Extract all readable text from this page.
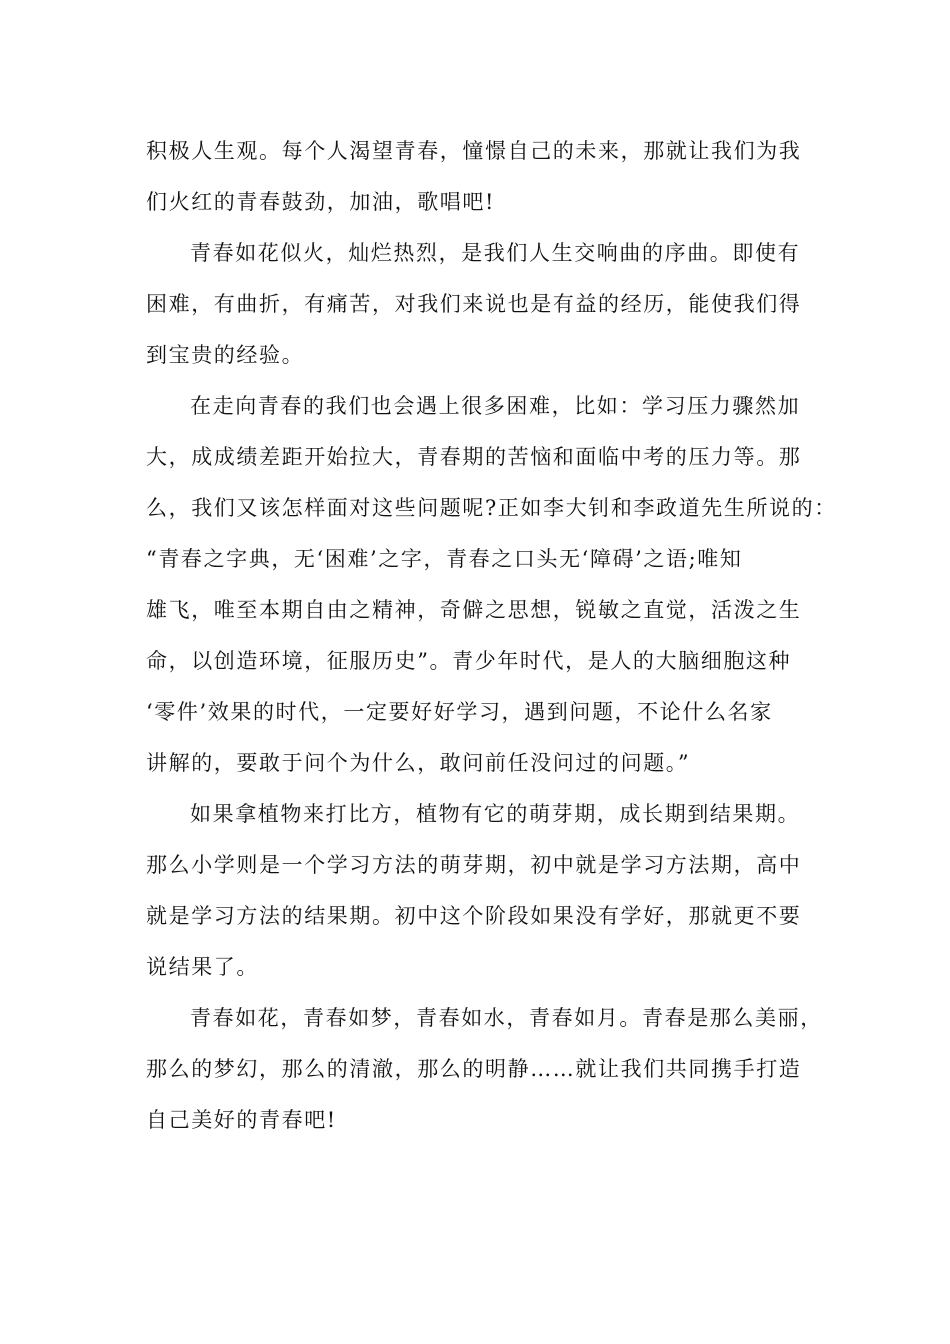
积极人生观。每个人渴望青春，憧憬自己的未来，那就让我们为我
们火红的青春鼓劲，加油，歌唱吧!
青春如花似火，灿烂热烈，是我们人生交响曲的序曲。即使有
困难，有曲折，有痛苦，对我们来说也是有益的经历，能使我们得
到宝贵的经验。
在走向青春的我们也会遇上很多困难，比如：学习压力骤然加
大，成成绩差距开始拉大，青春期的苦恼和面临中考的压力等。那
么，我们又该怎样面对这些问题呢?正如李大钊和李政道先生所说的：
“青春之字典，无‘困难’之字，青春之口头无‘障碍’之语;唯知
雄飞，唯至本期自由之精神，奇僻之思想，锐敏之直觉，活泼之生
命，以创造环境，征服历史”。青少年时代，是人的大脑细胞这种
‘零件’效果的时代，一定要好好学习，遇到问题，不论什么名家
讲解的，要敢于问个为什么，敢问前任没问过的问题。”
如果拿植物来打比方，植物有它的萌芽期，成长期到结果期。
那么小学则是一个学习方法的萌芽期，初中就是学习方法期，高中
就是学习方法的结果期。初中这个阶段如果没有学好，那就更不要
说结果了。
青春如花，青春如梦，青春如水，青春如月。青春是那么美丽，
那么的梦幻，那么的清澈，那么的明静……就让我们共同携手打造
自己美好的青春吧!
